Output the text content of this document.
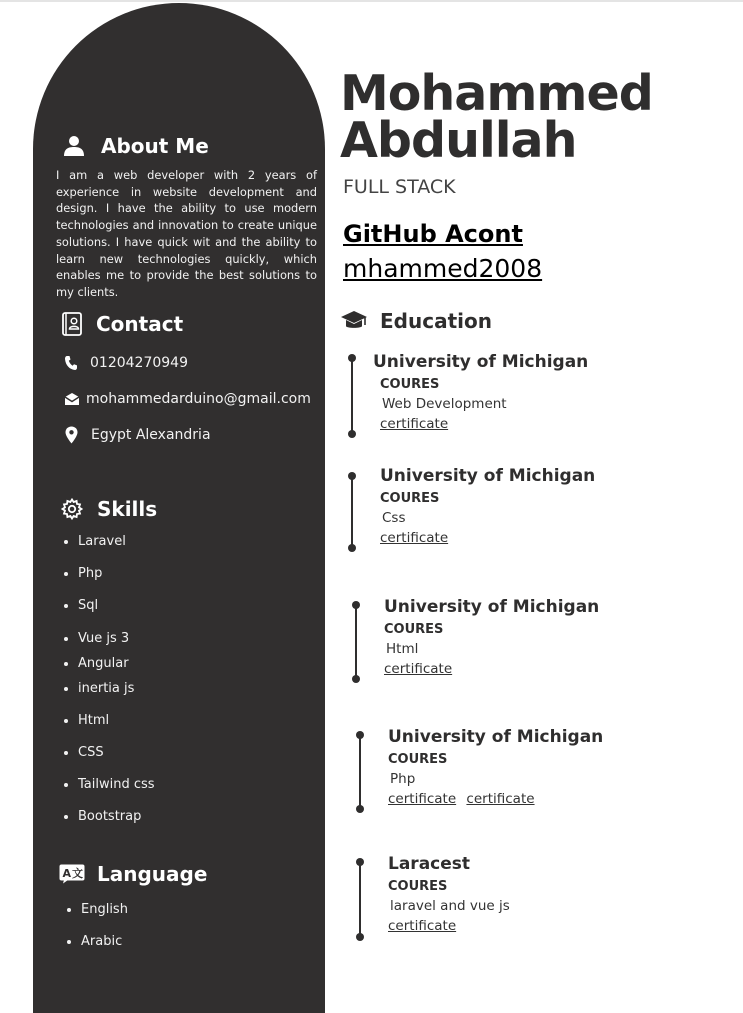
About Me
I am a web developer with 2 years of experience in website development and design. I have the ability to use modern technologies and innovation to create unique solutions. I have quick wit and the ability to learn new technologies quickly, which enables me to provide the best solutions to my clients.
Contact
01204270949
mohammedarduino@gmail.com
Egypt Alexandria
Skills
Laravel
Php
Sql
Vue js 3
Angular
inertia js
Html
CSS
Tailwind css
Bootstrap
A 文 Language
English
Arabic
Mohammed
Abdullah
FULL STACK
GitHub Acont
mhammed2008
Education
University of Michigan
COURES
Web Development
certificate
University of Michigan
COURES
Css
certificate
University of Michigan
COURES
Html
certificate
University of Michigan
COURES
Php
certificate certificate
Laracest
COURES
laravel and vue js
certificate
